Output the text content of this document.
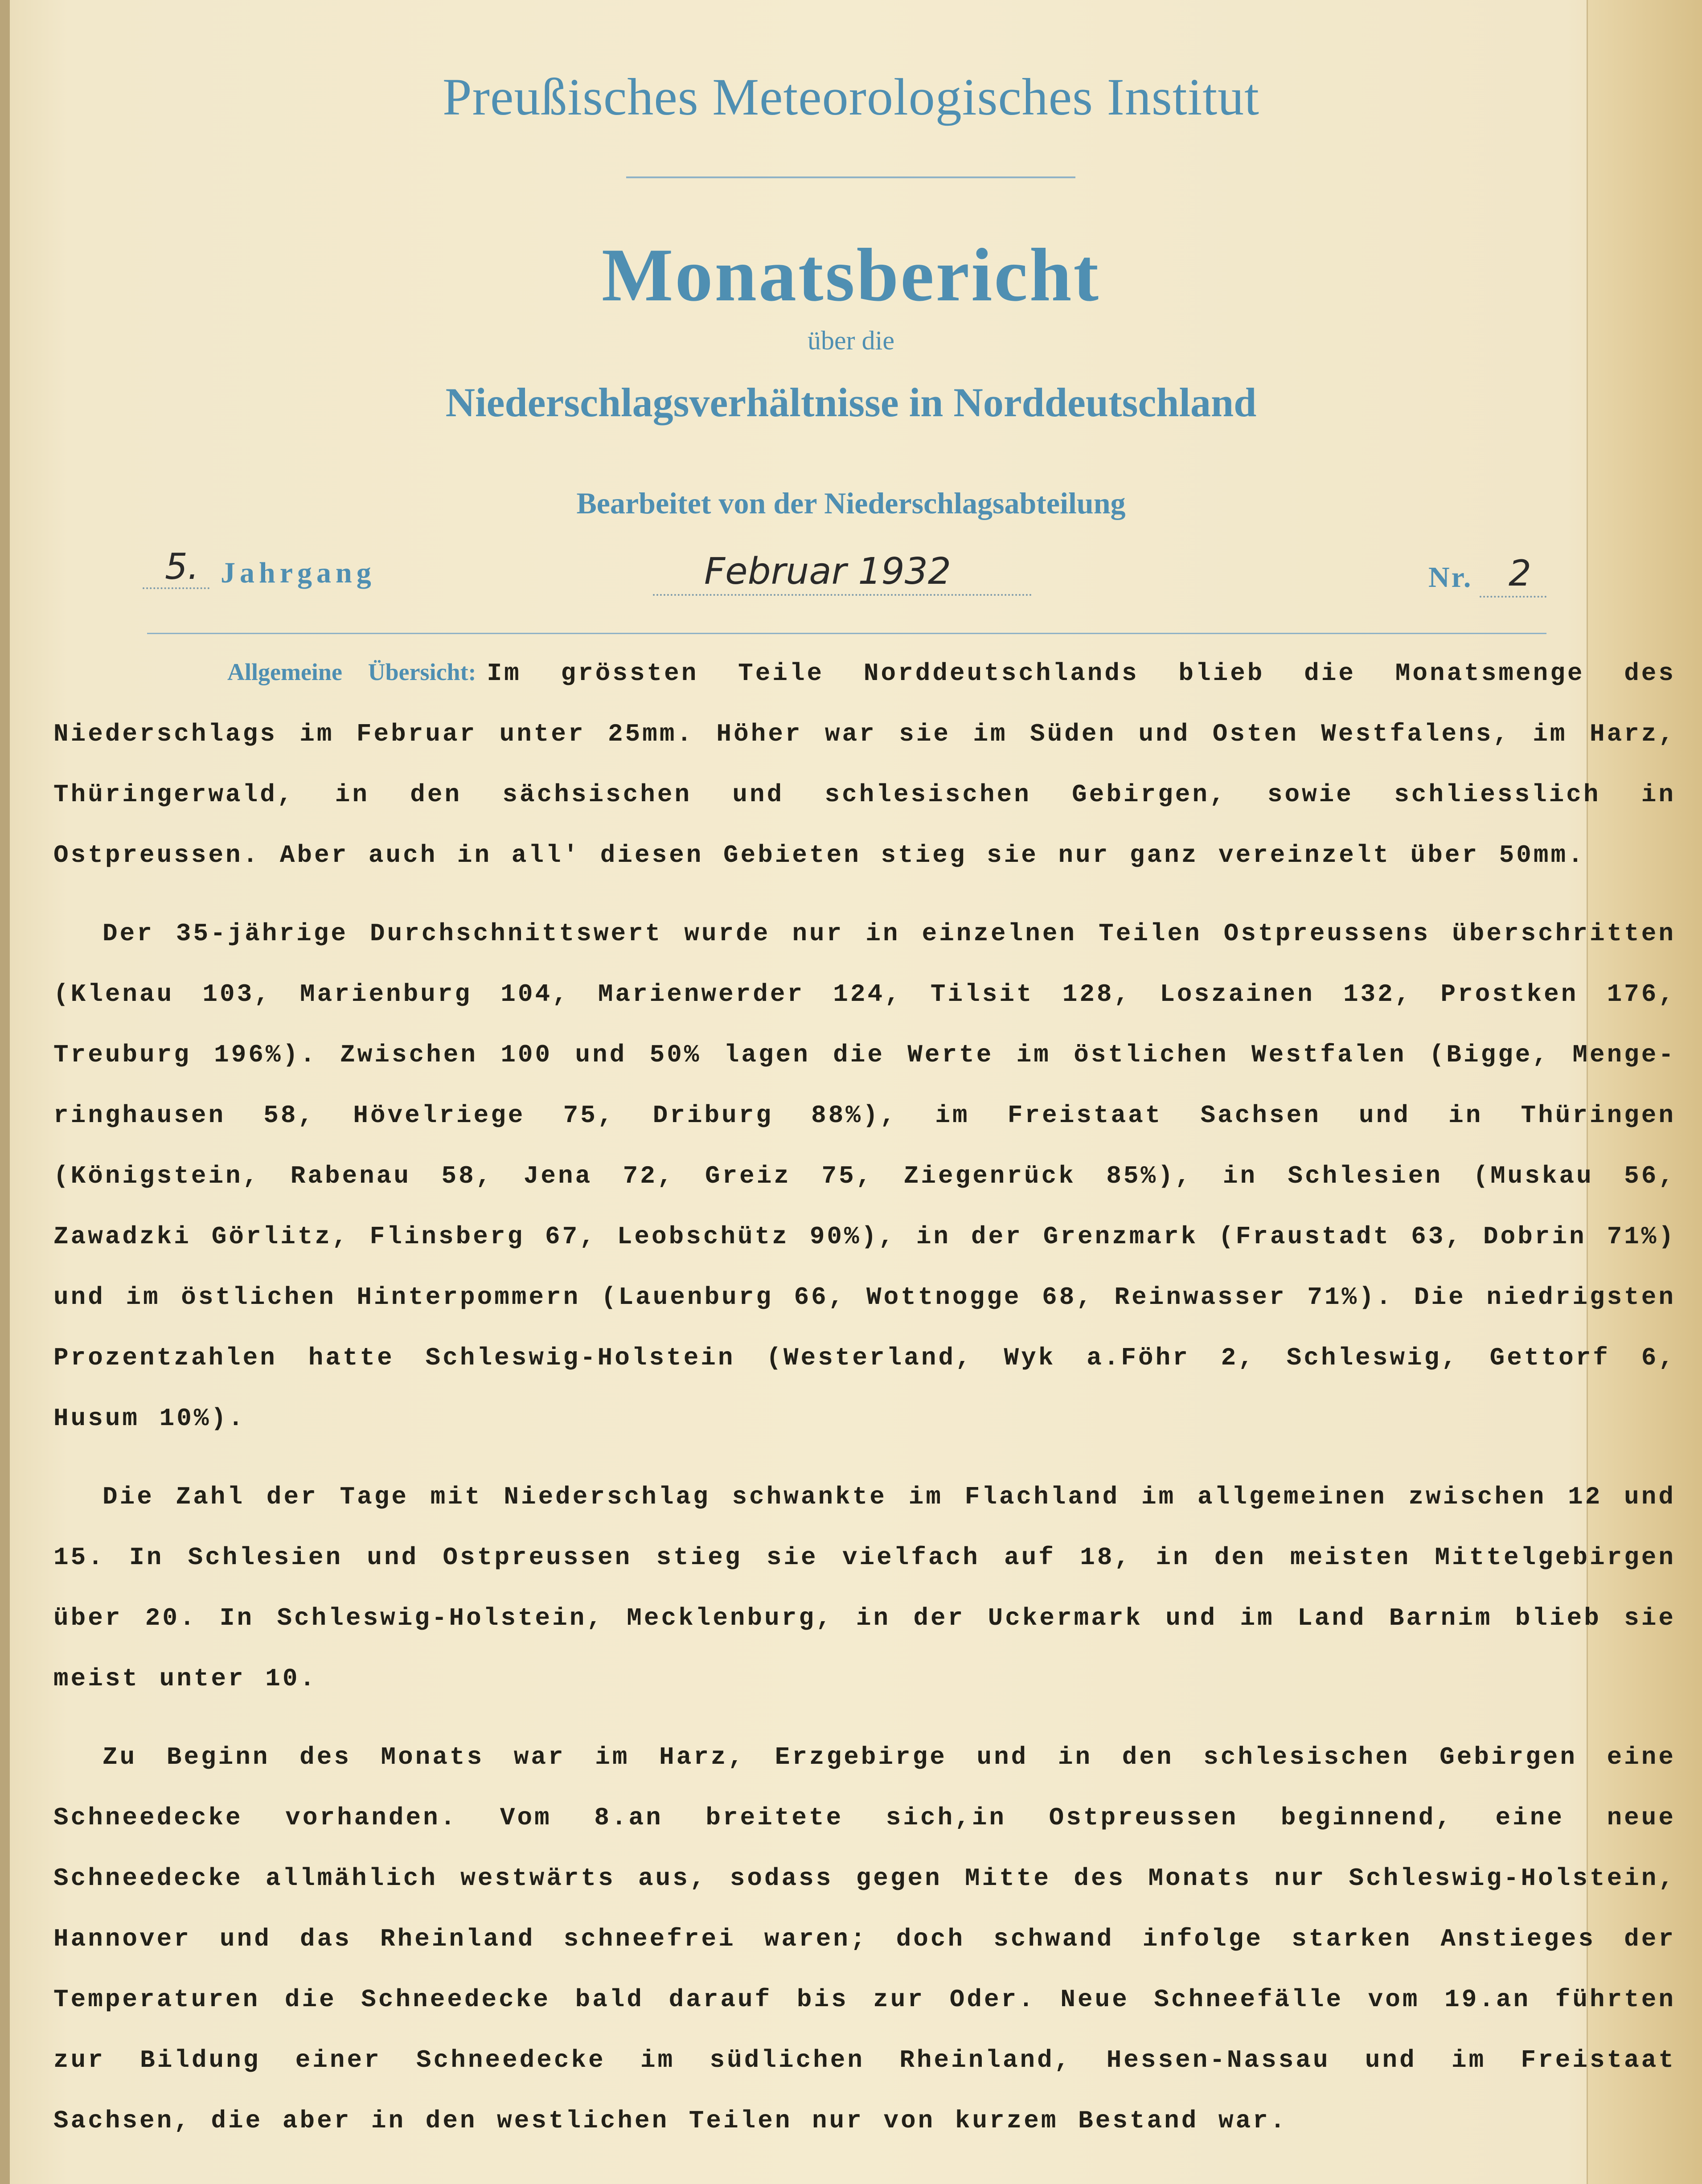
Preußisches Meteorologisches Institut
Monatsbericht
über die
Niederschlagsverhältnisse in Norddeutschland
Bearbeitet von der Niederschlagsabteilung
5. Jahrgang	Februar 1932	Nr. 2

Allgemeine Übersicht: Im grössten Teile Norddeutschlands blieb die Monatsmenge des Niederschlags im Februar unter 25mm. Höher war sie im Süden und Osten Westfalens, im Harz, Thüringerwald, in den sächsischen und schlesischen Gebirgen, sowie schliesslich in Ostpreussen. Aber auch in all' diesen Gebieten stieg sie nur ganz vereinzelt über 50mm.

Der 35-jährige Durchschnittswert wurde nur in einzelnen Teilen Ostpreussens überschritten (Klenau 103, Marienburg 104, Marienwerder 124, Tilsit 128, Loszainen 132, Prostken 176, Treuburg 196%). Zwischen 100 und 50% lagen die Werte im östlichen Westfalen (Bigge, Menge-ringhausen 58, Hövelriege 75, Driburg 88%), im Freistaat Sachsen und in Thüringen (Königstein, Rabenau 58, Jena 72, Greiz 75, Ziegenrück 85%), in Schlesien (Muskau 56, Zawadzki Görlitz, Flinsberg 67, Leobschütz 90%), in der Grenzmark (Fraustadt 63, Dobrin 71%) und im östlichen Hinterpommern (Lauenburg 66, Wottnogge 68, Reinwasser 71%). Die niedrigsten Prozentzahlen hatte Schleswig-Holstein (Westerland, Wyk a.Föhr 2, Schleswig, Gettorf 6, Husum 10%).

Die Zahl der Tage mit Niederschlag schwankte im Flachland im allgemeinen zwischen 12 und 15. In Schlesien und Ostpreussen stieg sie vielfach auf 18, in den meisten Mittelgebirgen über 20. In Schleswig-Holstein, Mecklenburg, in der Uckermark und im Land Barnim blieb sie meist unter 10.

Zu Beginn des Monats war im Harz, Erzgebirge und in den schlesischen Gebirgen eine Schneedecke vorhanden. Vom 8.an breitete sich,in Ostpreussen beginnend, eine neue Schneedecke allmählich westwärts aus, sodass gegen Mitte des Monats nur Schleswig-Holstein, Hannover und das Rheinland schneefrei waren; doch schwand infolge starken Anstieges der Temperaturen die Schneedecke bald darauf bis zur Oder. Neue Schneefälle vom 19.an führten zur Bildung einer Schneedecke im südlichen Rheinland, Hessen-Nassau und im Freistaat Sachsen, die aber in den westlichen Teilen nur von kurzem Bestand war.
